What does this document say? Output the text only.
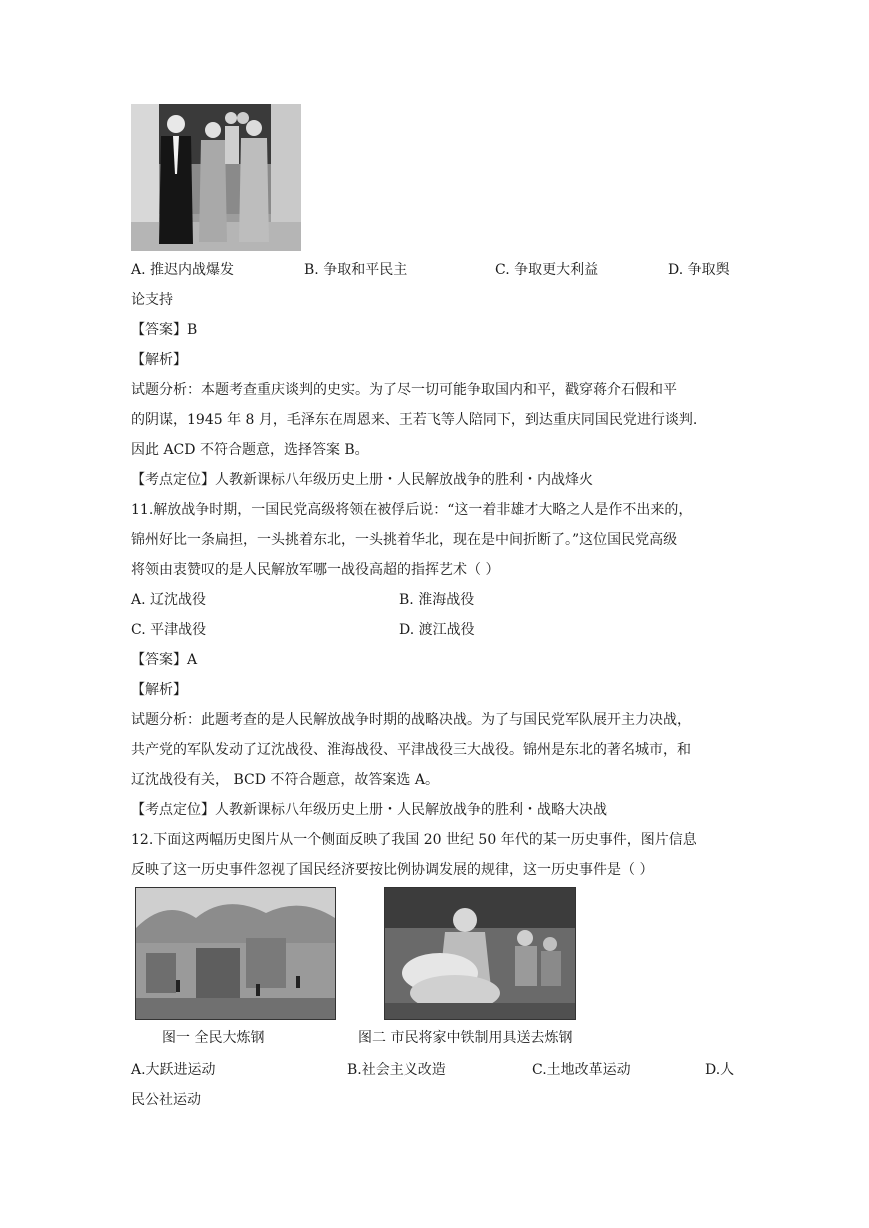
A. 推迟内战爆发	B. 争取和平民主	C. 争取更大利益	D. 争取舆
论支持
【答案】B
【解析】
试题分析：本题考查重庆谈判的史实。为了尽一切可能争取国内和平，戳穿蒋介石假和平
的阴谋，1945 年 8 月，毛泽东在周恩来、王若飞等人陪同下，到达重庆同国民党进行谈判.
因此 ACD 不符合题意，选择答案 B。
【考点定位】人教新课标八年级历史上册・人民解放战争的胜利・内战烽火
11.解放战争时期，一国民党高级将领在被俘后说：“这一着非雄才大略之人是作不出来的，
锦州好比一条扁担，一头挑着东北，一头挑着华北，现在是中间折断了。”这位国民党高级
将领由衷赞叹的是人民解放军哪一战役高超的指挥艺术（ ）
A. 辽沈战役	B. 淮海战役
C. 平津战役	D. 渡江战役
【答案】A
【解析】
试题分析：此题考查的是人民解放战争时期的战略决战。为了与国民党军队展开主力决战，
共产党的军队发动了辽沈战役、淮海战役、平津战役三大战役。锦州是东北的著名城市，和
辽沈战役有关， BCD 不符合题意，故答案选 A。
【考点定位】人教新课标八年级历史上册・人民解放战争的胜利・战略大决战
12.下面这两幅历史图片从一个侧面反映了我国 20 世纪 50 年代的某一历史事件，图片信息
反映了这一历史事件忽视了国民经济要按比例协调发展的规律，这一历史事件是（ ）
图一 全民大炼钢	图二 市民将家中铁制用具送去炼钢
A.大跃进运动	B.社会主义改造	C.土地改革运动	D.人
民公社运动
